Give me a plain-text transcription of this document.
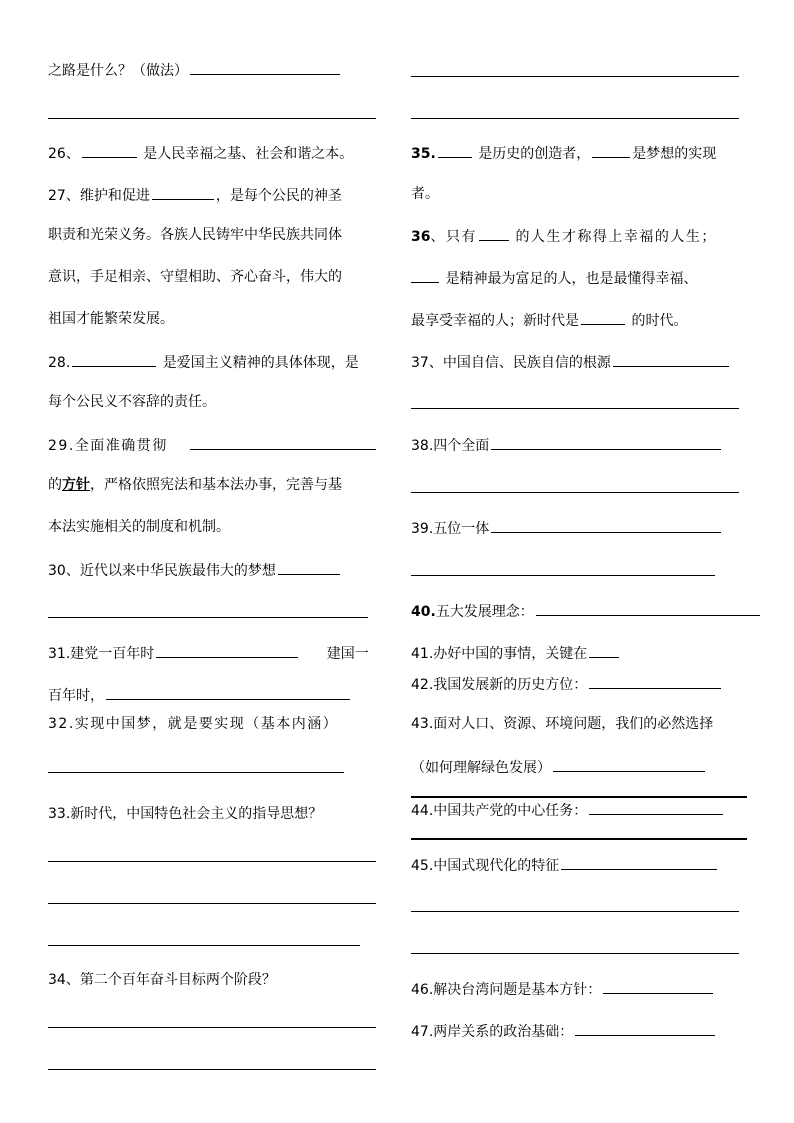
之路是什么？（做法）
26、	是人民幸福之基、社会和谐之本。
27、维护和促进	，是每个公民的神圣
职责和光荣义务。各族人民铸牢中华民族共同体
意识，手足相亲、守望相助、齐心奋斗，伟大的
祖国才能繁荣发展。
28.	是爱国主义精神的具体体现，是
每个公民义不容辞的责任。
29.全面准确贯彻
的方针，严格依照宪法和基本法办事，完善与基
本法实施相关的制度和机制。
30、近代以来中华民族最伟大的梦想
31.建党一百年时	建国一
百年时，
32.实现中国梦，就是要实现（基本内涵）
33.新时代，中国特色社会主义的指导思想？
34、第二个百年奋斗目标两个阶段？
35.	是历史的创造者，	是梦想的实现
者。
36、只有	的人生才称得上幸福的人生；
是精神最为富足的人，也是最懂得幸福、
最享受幸福的人；新时代是	的时代。
37、中国自信、民族自信的根源
38.四个全面
39.五位一体
40.五大发展理念：
41.办好中国的事情，关键在
42.我国发展新的历史方位：
43.面对人口、资源、环境问题，我们的必然选择
（如何理解绿色发展）
44.中国共产党的中心任务：
45.中国式现代化的特征
46.解决台湾问题是基本方针：
47.两岸关系的政治基础：
